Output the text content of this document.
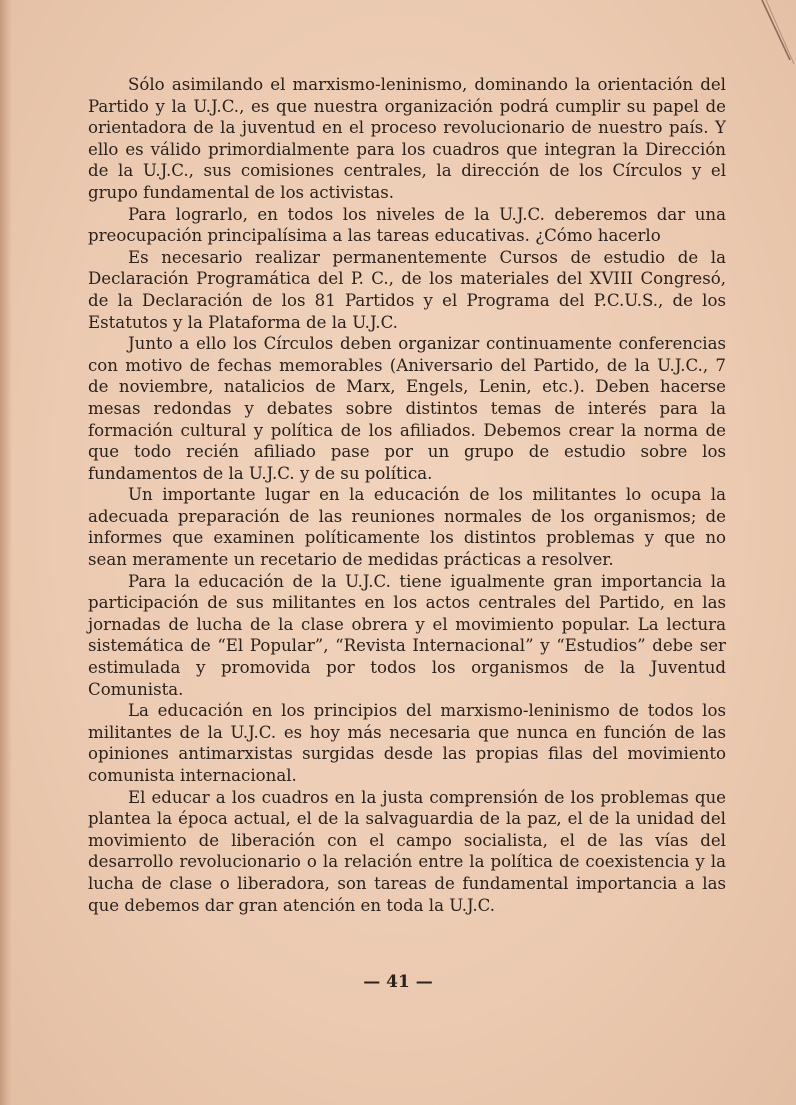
Sólo asimilando el marxismo-leninismo, dominando la orientación del Partido y la U.J.C., es que nuestra organización podrá cumplir su papel de orientadora de la juventud en el proceso revolucionario de nuestro país. Y ello es válido primordialmente para los cuadros que integran la Dirección de la U.J.C., sus comisiones centrales, la dirección de los Círculos y el grupo fundamental de los activistas.

Para lograrlo, en todos los niveles de la U.J.C. deberemos dar una preocupación principalísima a las tareas educativas. ¿Cómo hacerlo

Es necesario realizar permanentemente Cursos de estudio de la Declaración Programática del P. C., de los materiales del XVIII Congresó, de la Declaración de los 81 Partidos y el Programa del P.C.U.S., de los Estatutos y la Plataforma de la U.J.C.

Junto a ello los Círculos deben organizar continuamente conferencias con motivo de fechas memorables (Aniversario del Partido, de la U.J.C., 7 de noviembre, natalicios de Marx, Engels, Lenin, etc.). Deben hacerse mesas redondas y debates sobre distintos temas de interés para la formación cultural y política de los afiliados. Debemos crear la norma de que todo recién afiliado pase por un grupo de estudio sobre los fundamentos de la U.J.C. y de su política.

Un importante lugar en la educación de los militantes lo ocupa la adecuada preparación de las reuniones normales de los organismos; de informes que examinen políticamente los distintos problemas y que no sean meramente un recetario de medidas prácticas a resolver.

Para la educación de la U.J.C. tiene igualmente gran importancia la participación de sus militantes en los actos centrales del Partido, en las jornadas de lucha de la clase obrera y el movimiento popular. La lectura sistemática de “El Popular”, “Revista Internacional” y “Estudios” debe ser estimulada y promovida por todos los organismos de la Juventud Comunista.

La educación en los principios del marxismo-leninismo de todos los militantes de la U.J.C. es hoy más necesaria que nunca en función de las opiniones antimarxistas surgidas desde las propias filas del movimiento comunista internacional.

El educar a los cuadros en la justa comprensión de los problemas que plantea la época actual, el de la salvaguardia de la paz, el de la unidad del movimiento de liberación con el campo socialista, el de las vías del desarrollo revolucionario o la relación entre la política de coexistencia y la lucha de clase o liberadora, son tareas de fundamental importancia a las que debemos dar gran atención en toda la U.J.C.

— 41 —
